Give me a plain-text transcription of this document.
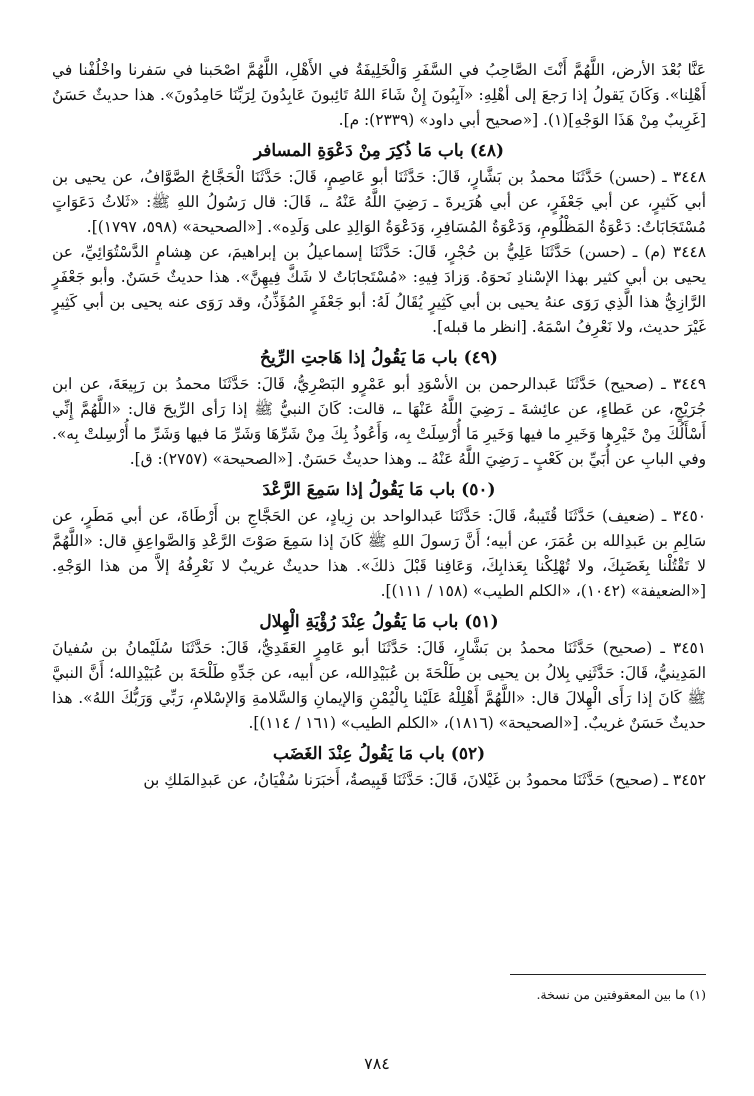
عَنَّا بُعْدَ الأرض، اللَّهُمَّ أَنْتَ الصَّاحِبُ في السَّفَرِ وَالْخَلِيفَةُ في الأَهْلِ، اللَّهُمَّ اصْحَبنا في سَفرنا واخْلُفْنا في أَهْلِنا». وَكَانَ يَقولُ إذا رَجعَ إلى أهْلِهِ: «آيِبُونَ إِنْ شَاءَ اللهُ تَائِبونَ عَابِدُونَ لِرَبِّنَا حَامِدُونَ». هذا حديثٌ حَسَنٌ [غَرِيبٌ مِنْ هَذَا الوَجْهِ](١). [«صحيح أبي داود» (٢٣٣٩): م].

(٤٨) باب مَا ذُكِرَ مِنْ دَعْوَةِ المسافر

٣٤٤٨ ـ (حسن) حَدَّثَنَا محمدُ بن بَشَّارٍ، قَالَ: حَدَّثَنَا أبو عَاصِمٍ، قَالَ: حَدَّثَنَا الْحَجَّاجُ الصَّوَّافُ، عن يحيى بن أبي كَثيرٍ، عن أبي جَعْفَرٍ، عن أبي هُرَيرةَ ـ رَضِيَ اللَّهُ عَنْهُ ـ، قَالَ: قال رَسُولُ اللهِ ﷺ: «ثَلاثُ دَعَوَاتٍ مُسْتَجَابَاتٌ: دَعْوَةُ المَظْلُومِ، وَدَعْوَةُ المُسَافِرِ، وَدَعْوَةُ الوَالِدِ على وَلَدِه». [«الصحيحة» (٥٩٨، ١٧٩٧)].

٣٤٤٨ (م) ـ (حسن) حَدَّثَنَا عَلِيُّ بن حُجْرٍ، قَالَ: حَدَّثَنَا إسماعيلُ بن إبراهيمَ، عن هِشامٍ الدَّسْتُوَائِيِّ، عن يحيى بن أبي كثير بهذا الإسْنادِ نَحوَهُ. وَزادَ فِيهِ: «مُسْتَجابَاتٌ لا شَكَّ فِيهِنَّ». هذا حديثٌ حَسَنٌ. وأبو جَعْفَرٍ الرَّازِيُّ هذا الَّذِي رَوَى عنهُ يحيى بن أبي كَثِيرٍ يُقَالُ لَهُ: أبو جَعْفَرٍ المُؤَذِّنُ، وقد رَوَى عنه يحيى بن أبي كَثِيرٍ غَيْرَ حديث، ولا نَعْرِفُ اسْمَهُ. [انظر ما قبله].

(٤٩) باب مَا يَقُولُ إذا هَاجتِ الرِّيحُ

٣٤٤٩ ـ (صحيح) حَدَّثَنَا عَبدالرحمن بن الأسْوَدِ أبو عَمْرٍو البَصْرِيُّ، قَالَ: حَدَّثَنَا محمدُ بن رَبِيعَةَ، عن ابن جُرَيْجٍ، عن عَطاءٍ، عن عائِشةَ ـ رَضِيَ اللَّهُ عَنْهَا ـ، قالت: كَانَ النبيُّ ﷺ إذا رَأى الرِّيحَ قال: «اللَّهُمَّ إِنِّي أَسْأَلُكَ مِنْ خَيْرِها وَخَيرِ ما فيها وَخَيرِ مَا أُرْسِلَتْ بِه، وَأَعُوذُ بِكَ مِنْ شَرِّهَا وَشَرِّ مَا فيها وَشَرِّ ما أُرْسِلتْ بِه». وفي البابِ عن أُبَيِّ بن كَعْبٍ ـ رَضِيَ اللَّهُ عَنْهُ ـ. وهذا حديثٌ حَسَنٌ. [«الصحيحة» (٢٧٥٧): ق].

(٥٠) باب مَا يَقُولُ إذا سَمِعَ الرَّعْدَ

٣٤٥٠ ـ (ضعيف) حَدَّثَنَا قُتَيبةُ، قَالَ: حَدَّثَنَا عَبدالواحد بن زِيادٍ، عن الحَجَّاجِ بن أَرْطَاةَ، عن أبي مَطَرٍ، عن سَالِمِ بن عَبدِالله بن عُمَرَ، عن أبيه؛ أَنَّ رَسولَ اللهِ ﷺ كَانَ إذا سَمِعَ صَوْتَ الرَّعْدِ وَالصَّواعِقِ قال: «اللَّهُمَّ لا تَقْتُلْنا بِغَضَبِكَ، ولا تُهْلِكْنا بِعَذابِكَ، وَعَافِنا قَبْلَ ذلكَ». هذا حديثٌ غريبٌ لا نَعْرِفُهُ إلاَّ من هذا الوَجْهِ. [«الضعيفة» (١٠٤٢)، «الكلم الطيب» (١٥٨ / ١١١)].

(٥١) باب مَا يَقُولُ عِنْدَ رُؤْيَةِ الْهِلال

٣٤٥١ ـ (صحيح) حَدَّثَنَا محمدُ بن بَشَّارٍ، قَالَ: حَدَّثَنَا أبو عَامِرٍ العَقَدِيُّ، قَالَ: حَدَّثَنَا سُلَيْمانُ بن سُفيانَ المَدِينيُّ، قَالَ: حَدَّثَنِي بِلالُ بن يحيى بن طَلْحَةَ بن عُبَيْدِالله، عن أبيه، عن جَدِّهِ طَلْحَةَ بن عُبَيْدِالله؛ أَنَّ النبيَّ ﷺ كَانَ إذا رَأَى الْهِلالَ قال: «اللَّهُمَّ أَهْلِلْهُ عَلَيْنا بِالْيُمْنِ وَالإيمانِ وَالسَّلامةِ وَالإسْلامِ، رَبِّي وَرَبُّكَ اللهُ». هذا حديثٌ حَسَنٌ غريبٌ. [«الصحيحة» (١٨١٦)، «الكلم الطيب» (١٦١ / ١١٤)].

(٥٢) باب مَا يَقُولُ عِنْدَ الغَضَب

٣٤٥٢ ـ (صحيح) حَدَّثَنَا محمودُ بن غَيْلانَ، قَالَ: حَدَّثَنَا قَبِيصةُ، أَخبَرَنا سُفْيَانُ، عن عَبدِالمَلكِ بن

(١) ما بين المعقوفتين من نسخة.
٧٨٤
